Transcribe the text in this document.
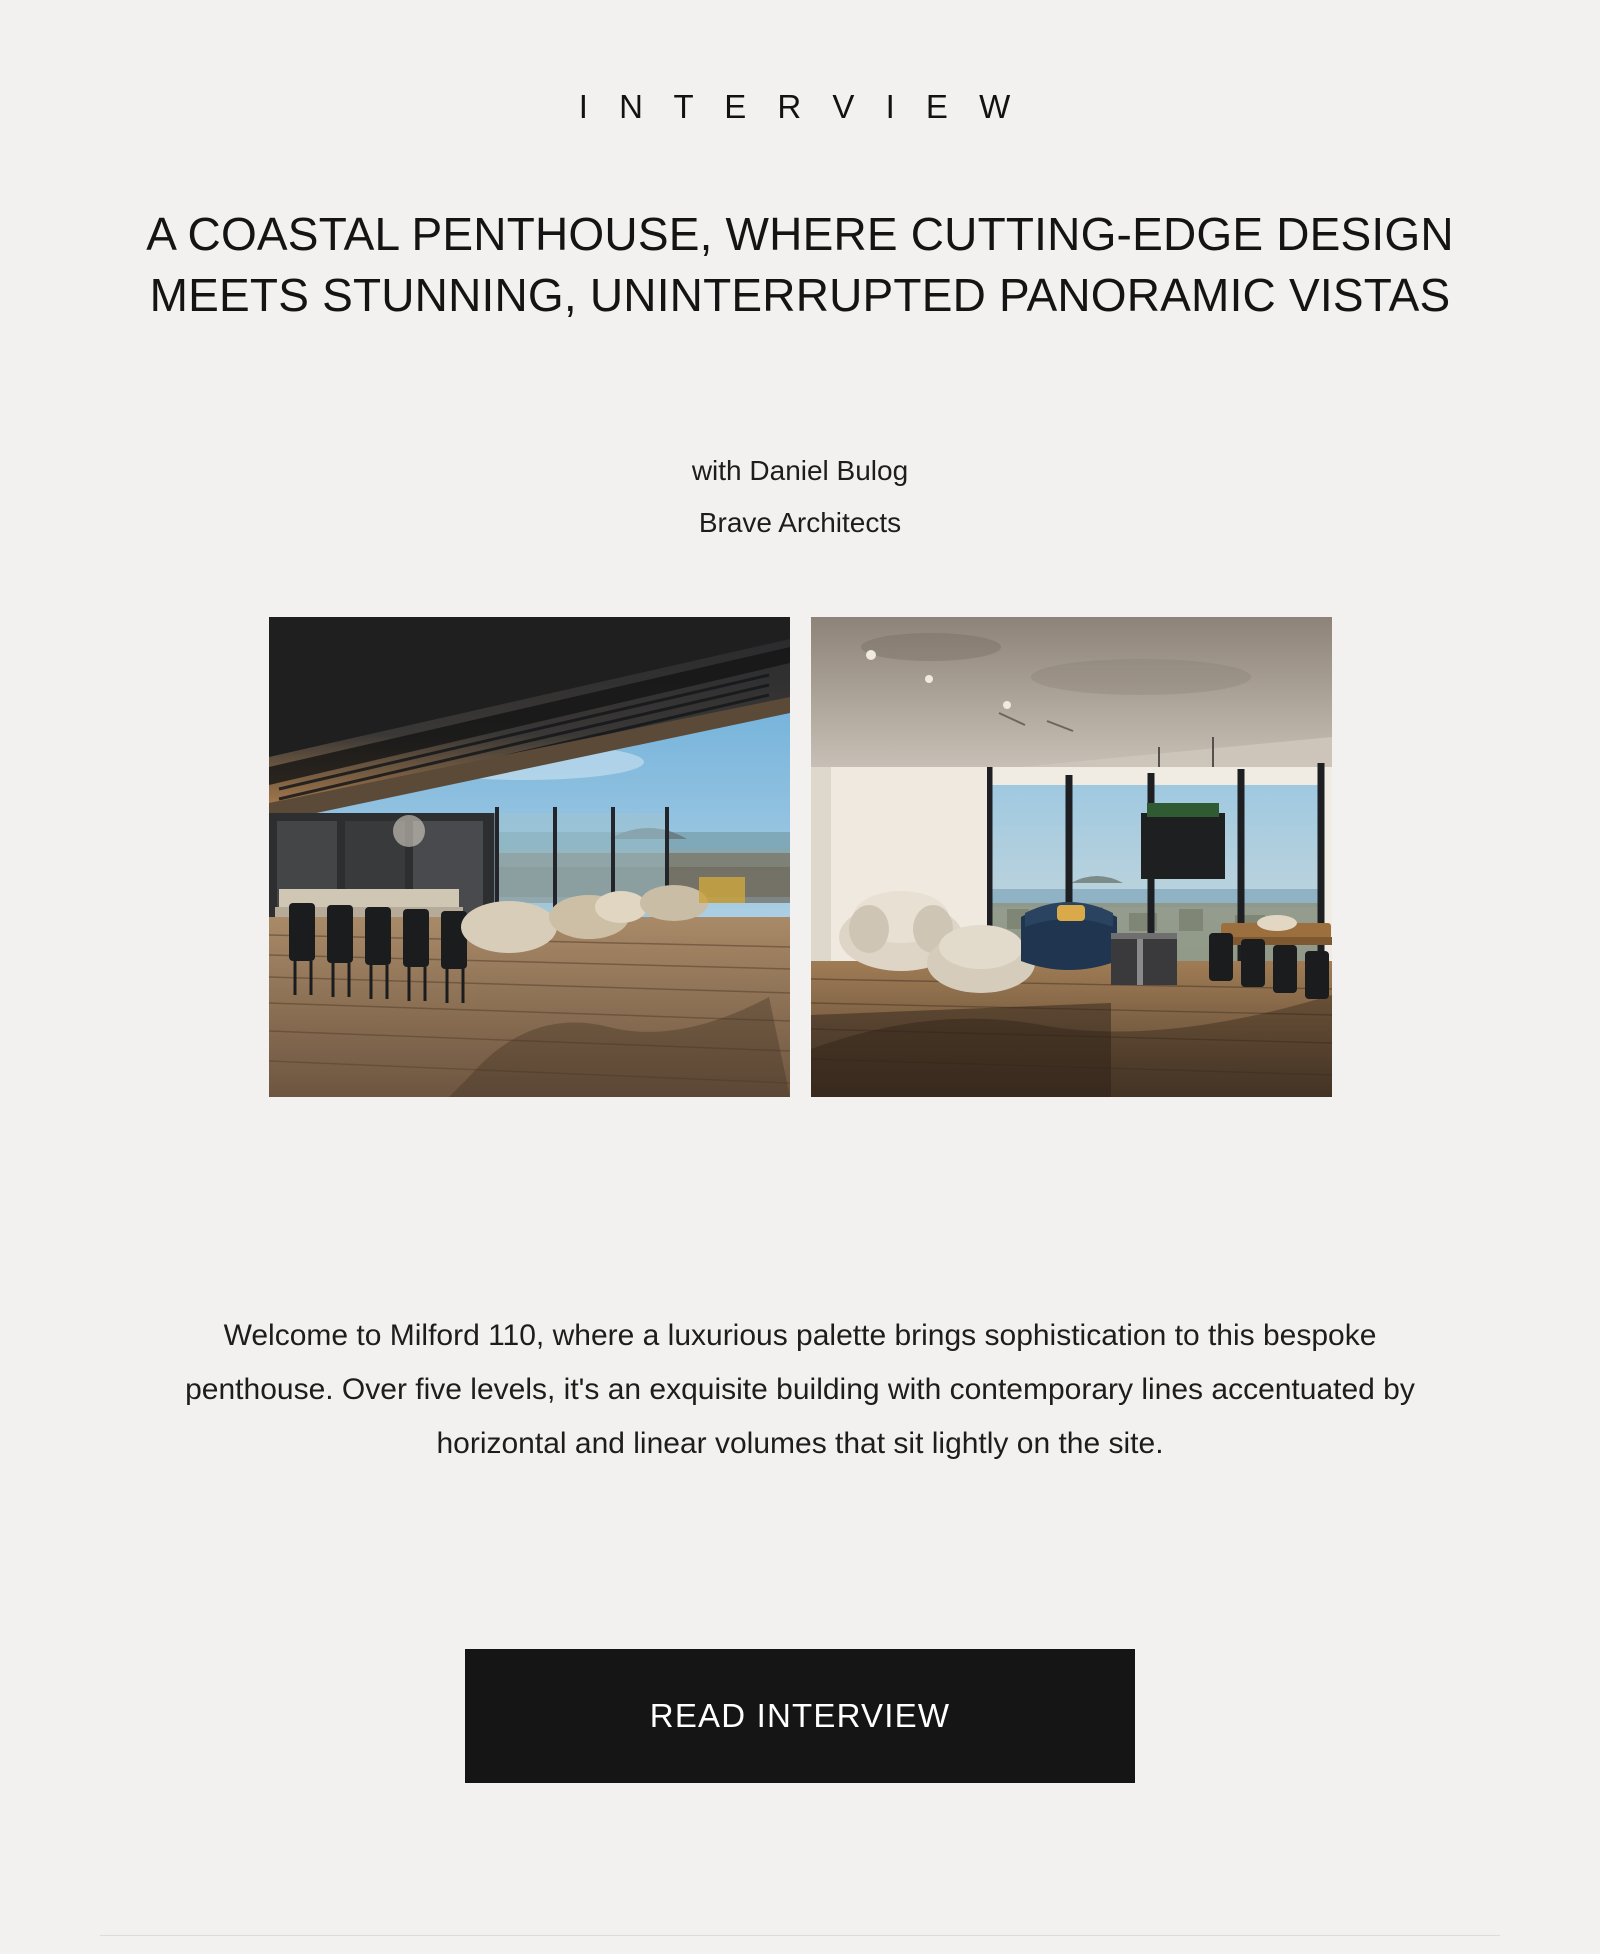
I N T E R V I E W
A COASTAL PENTHOUSE, WHERE CUTTING-EDGE DESIGN MEETS STUNNING, UNINTERRUPTED PANORAMIC VISTAS
with Daniel Bulog
Brave Architects

Welcome to Milford 110, where a luxurious palette brings sophistication to this bespoke penthouse. Over five levels, it's an exquisite building with contemporary lines accentuated by horizontal and linear volumes that sit lightly on the site.

READ INTERVIEW
